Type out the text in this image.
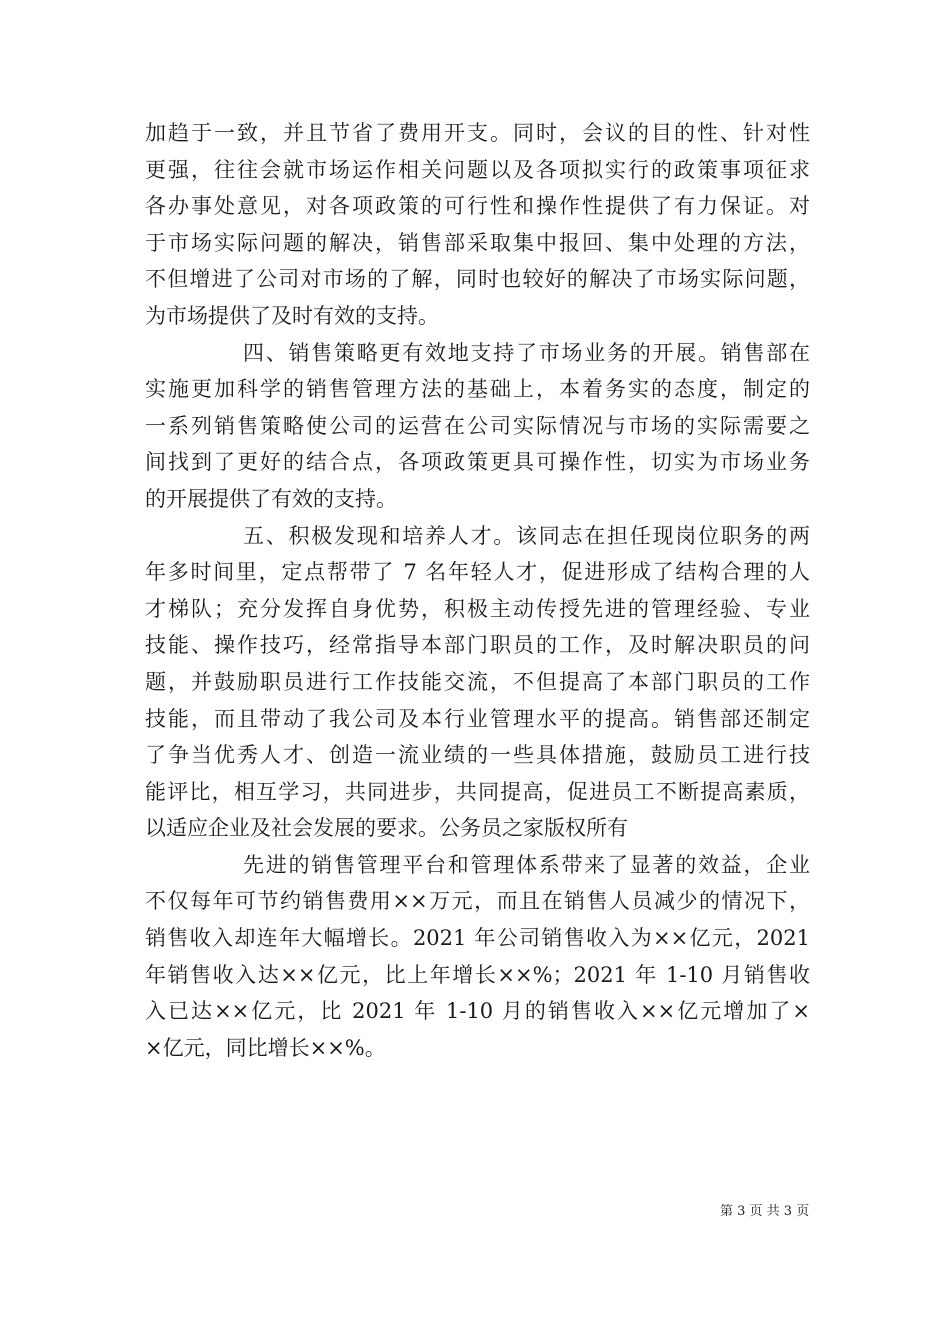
加趋于一致，并且节省了费用开支。同时，会议的目的性、针对性
更强，往往会就市场运作相关问题以及各项拟实行的政策事项征求
各办事处意见，对各项政策的可行性和操作性提供了有力保证。对
于市场实际问题的解决，销售部采取集中报回、集中处理的方法，
不但增进了公司对市场的了解，同时也较好的解决了市场实际问题，
为市场提供了及时有效的支持。
四、销售策略更有效地支持了市场业务的开展。销售部在
实施更加科学的销售管理方法的基础上，本着务实的态度，制定的
一系列销售策略使公司的运营在公司实际情况与市场的实际需要之
间找到了更好的结合点，各项政策更具可操作性，切实为市场业务
的开展提供了有效的支持。
五、积极发现和培养人才。该同志在担任现岗位职务的两
年多时间里，定点帮带了 7 名年轻人才，促进形成了结构合理的人
才梯队；充分发挥自身优势，积极主动传授先进的管理经验、专业
技能、操作技巧，经常指导本部门职员的工作，及时解决职员的问
题，并鼓励职员进行工作技能交流，不但提高了本部门职员的工作
技能，而且带动了我公司及本行业管理水平的提高。销售部还制定
了争当优秀人才、创造一流业绩的一些具体措施，鼓励员工进行技
能评比，相互学习，共同进步，共同提高，促进员工不断提高素质，
以适应企业及社会发展的要求。公务员之家版权所有
先进的销售管理平台和管理体系带来了显著的效益，企业
不仅每年可节约销售费用××万元，而且在销售人员减少的情况下，
销售收入却连年大幅增长。2021 年公司销售收入为××亿元，2021
年销售收入达××亿元，比上年增长××%；2021 年 1-10 月销售收
入已达××亿元，比 2021 年 1-10 月的销售收入××亿元增加了×
×亿元，同比增长××%。
第 3 页 共 3 页
